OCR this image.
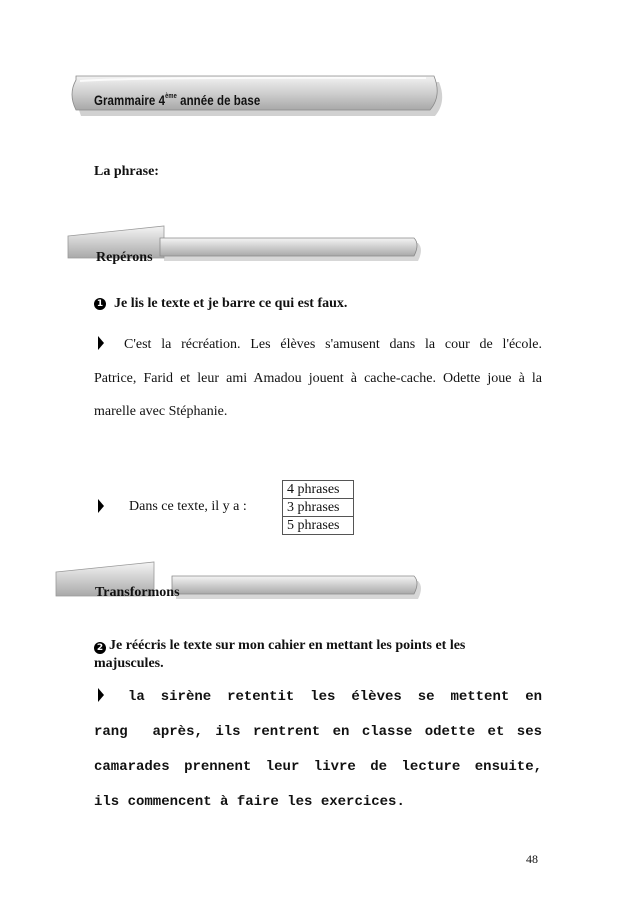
Grammaire 4ème année de base
La phrase:
Repérons
1 Je lis le texte et je barre ce qui est faux.
C'est la récréation. Les élèves s'amusent dans la cour de l'école.
Patrice, Farid et leur ami Amadou jouent à cache-cache. Odette joue à la
marelle avec Stéphanie.
Dans ce texte, il y a :
4 phrases
3 phrases
5 phrases
Transformons
2 Je réécris le texte sur mon cahier en mettant les points et les
majuscules.
la sirène retentit les élèves se mettent en
rang  après, ils rentrent en classe odette et ses
camarades prennent leur livre de lecture ensuite,
ils commencent à faire les exercices.
48
